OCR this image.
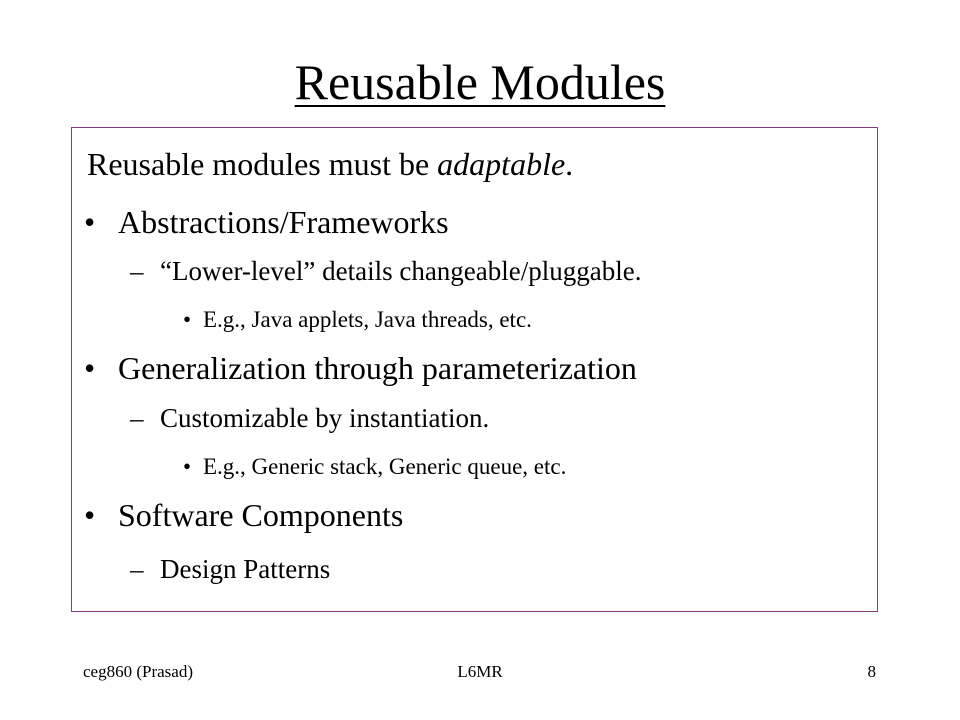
Reusable Modules
Reusable modules must be adaptable.
• Abstractions/Frameworks
– “Lower-level” details changeable/pluggable.
• E.g., Java applets, Java threads, etc.
• Generalization through parameterization
– Customizable by instantiation.
• E.g., Generic stack, Generic queue, etc.
• Software Components
– Design Patterns
ceg860 (Prasad)	L6MR	8
